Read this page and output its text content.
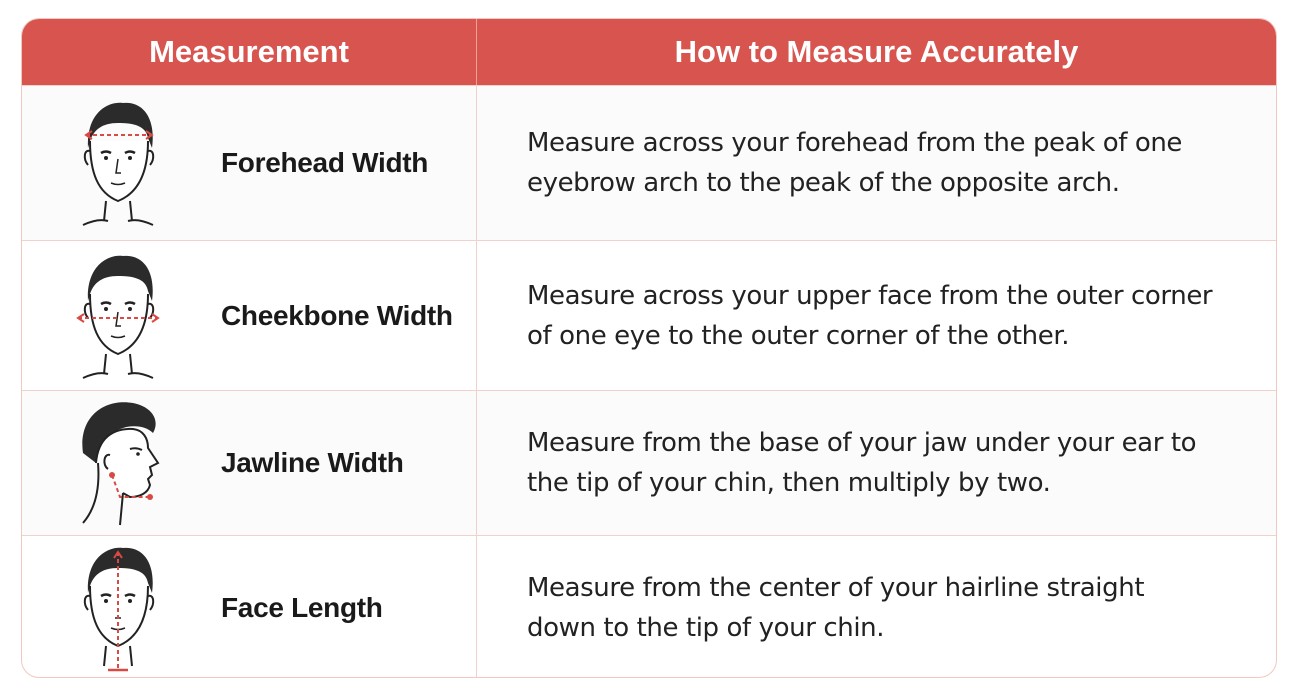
Measurement	How to Measure Accurately
Forehead Width
Measure across your forehead from the peak of one eyebrow arch to the peak of the opposite arch.
Cheekbone Width
Measure across your upper face from the outer corner of one eye to the outer corner of the other.
Jawline Width
Measure from the base of your jaw under your ear to the tip of your chin, then multiply by two.
Face Length
Measure from the center of your hairline straight down to the tip of your chin.
